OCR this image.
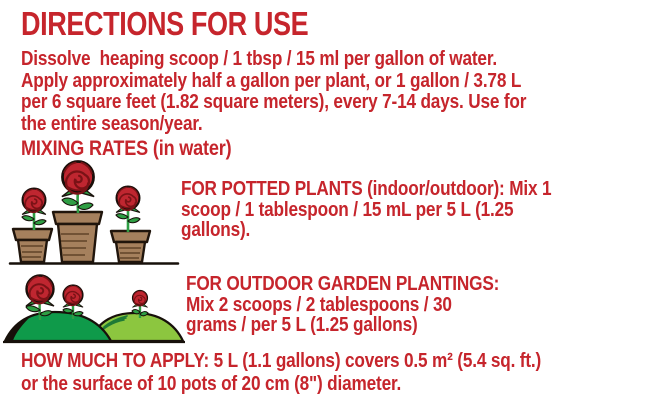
DIRECTIONS FOR USE
Dissolve  heaping scoop / 1 tbsp / 15 ml per gallon of water.
Apply approximately half a gallon per plant, or 1 gallon / 3.78 L
per 6 square feet (1.82 square meters), every 7-14 days. Use for
the entire season/year.
MIXING RATES (in water)
FOR POTTED PLANTS (indoor/outdoor): Mix 1
scoop / 1 tablespoon / 15 mL per 5 L (1.25
gallons).
FOR OUTDOOR GARDEN PLANTINGS:
Mix 2 scoops / 2 tablespoons / 30
grams / per 5 L (1.25 gallons)
HOW MUCH TO APPLY: 5 L (1.1 gallons) covers 0.5 m² (5.4 sq. ft.)
or the surface of 10 pots of 20 cm (8") diameter.
